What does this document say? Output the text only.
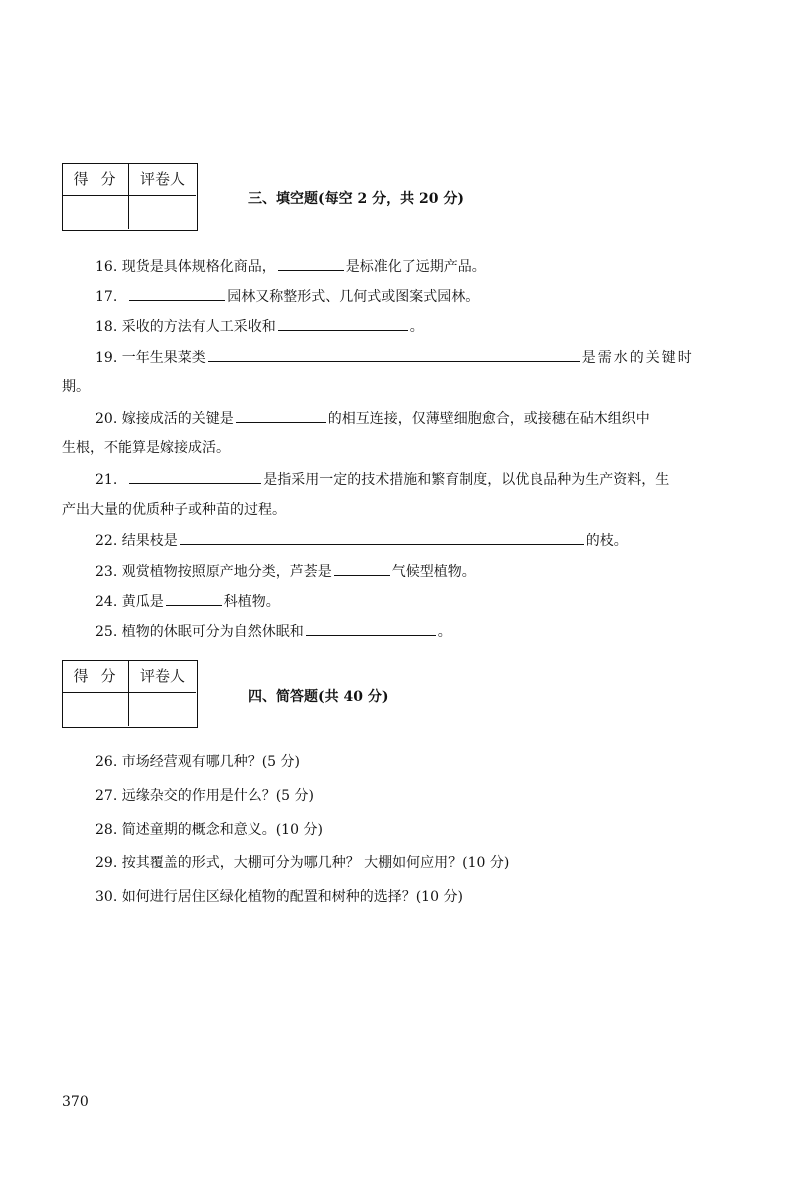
得分 评卷人
三、填空题(每空 2 分，共 20 分)
16. 现货是具体规格化商品，	是标准化了远期产品。
17.	园林又称整形式、几何式或图案式园林。
18. 采收的方法有人工采收和	。
19. 一年生果菜类	是需水的关键时
期。
20. 嫁接成活的关键是	的相互连接，仅薄壁细胞愈合，或接穗在砧木组织中
生根，不能算是嫁接成活。
21.	是指采用一定的技术措施和繁育制度，以优良品种为生产资料，生
产出大量的优质种子或种苗的过程。
22. 结果枝是	的枝。
23. 观赏植物按照原产地分类，芦荟是	气候型植物。
24. 黄瓜是	科植物。
25. 植物的休眠可分为自然休眠和	。
得分 评卷人
四、简答题(共 40 分)
26. 市场经营观有哪几种？(5 分)
27. 远缘杂交的作用是什么？(5 分)
28. 简述童期的概念和意义。(10 分)
29. 按其覆盖的形式，大棚可分为哪几种？ 大棚如何应用？(10 分)
30. 如何进行居住区绿化植物的配置和树种的选择？(10 分)
370
